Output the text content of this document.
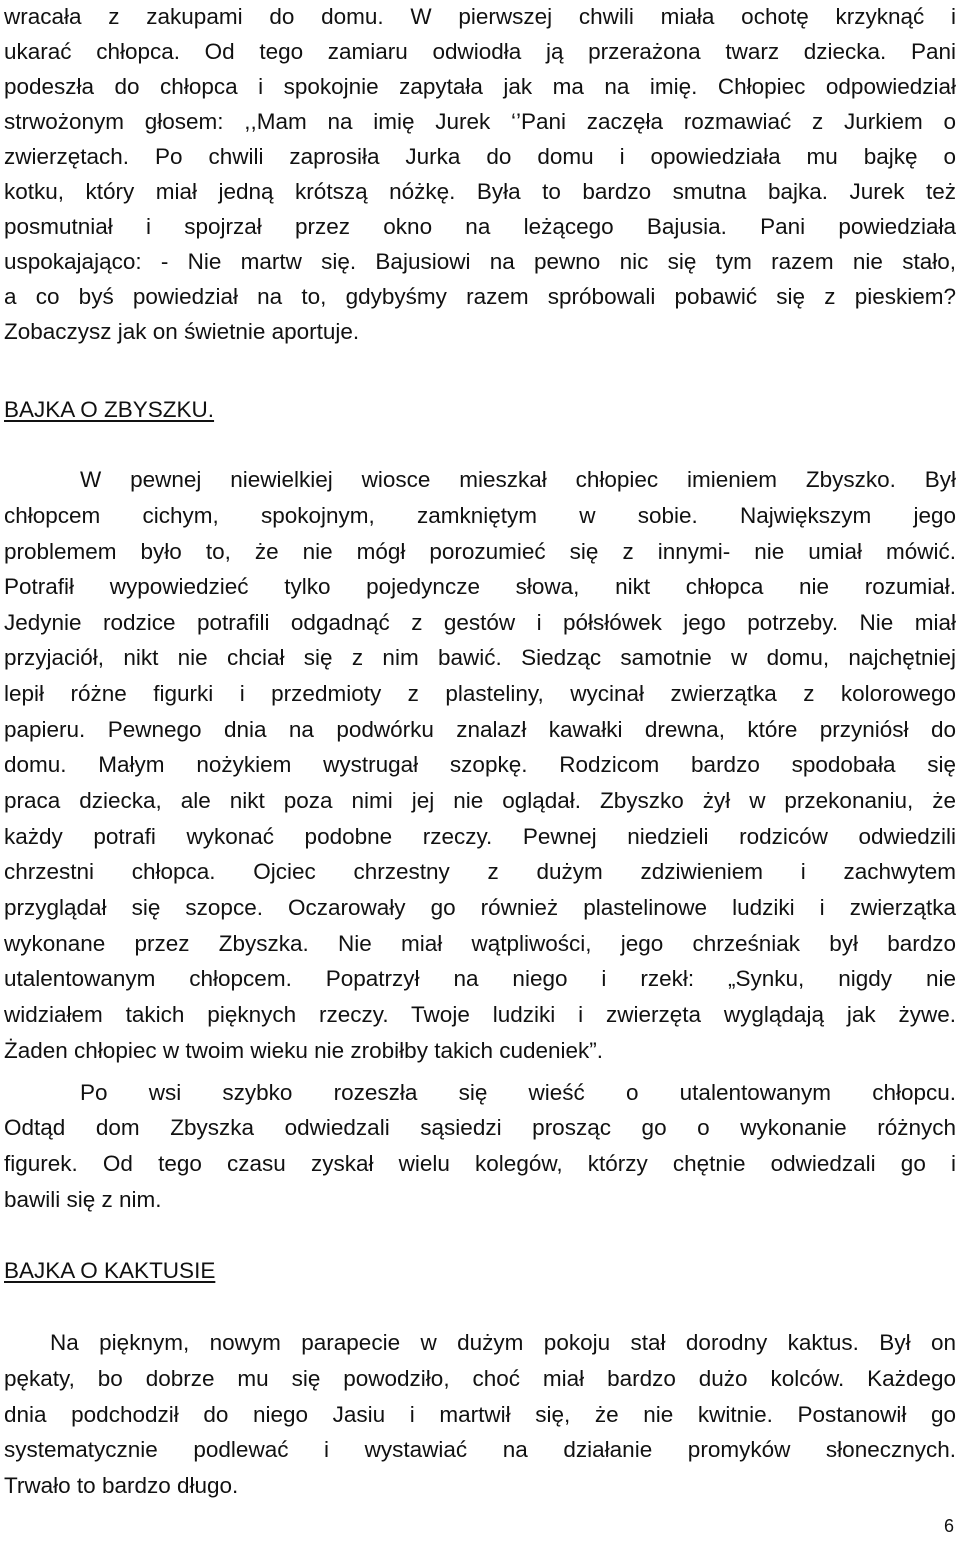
wracała z zakupami do domu. W pierwszej chwili miała ochotę krzyknąć i
ukarać chłopca. Od tego zamiaru odwiodła ją przerażona twarz dziecka. Pani
podeszła do chłopca i spokojnie zapytała jak ma na imię. Chłopiec odpowiedział
strwożonym głosem: ,,Mam na imię Jurek ‘’Pani zaczęła rozmawiać z Jurkiem o
zwierzętach. Po chwili zaprosiła Jurka do domu i opowiedziała mu bajkę o
kotku, który miał jedną krótszą nóżkę. Była to bardzo smutna bajka. Jurek też
posmutniał i spojrzał przez okno na leżącego Bajusia. Pani powiedziała
uspokajająco: - Nie martw się. Bajusiowi na pewno nic się tym razem nie stało,
a co byś powiedział na to, gdybyśmy razem spróbowali pobawić się z pieskiem?
Zobaczysz jak on świetnie aportuje.
BAJKA O ZBYSZKU.
W pewnej niewielkiej wiosce mieszkał chłopiec imieniem Zbyszko. Był
chłopcem cichym, spokojnym, zamkniętym w sobie. Największym jego
problemem było to, że nie mógł porozumieć się z innymi- nie umiał mówić.
Potrafił wypowiedzieć tylko pojedyncze słowa, nikt chłopca nie rozumiał.
Jedynie rodzice potrafili odgadnąć z gestów i półsłówek jego potrzeby. Nie miał
przyjaciół, nikt nie chciał się z nim bawić. Siedząc samotnie w domu, najchętniej
lepił różne figurki i przedmioty z plasteliny, wycinał zwierzątka z kolorowego
papieru. Pewnego dnia na podwórku znalazł kawałki drewna, które przyniósł do
domu. Małym nożykiem wystrugał szopkę. Rodzicom bardzo spodobała się
praca dziecka, ale nikt poza nimi jej nie oglądał. Zbyszko żył w przekonaniu, że
każdy potrafi wykonać podobne rzeczy. Pewnej niedzieli rodziców odwiedzili
chrzestni chłopca. Ojciec chrzestny z dużym zdziwieniem i zachwytem
przyglądał się szopce. Oczarowały go również plastelinowe ludziki i zwierzątka
wykonane przez Zbyszka. Nie miał wątpliwości, jego chrześniak był bardzo
utalentowanym chłopcem. Popatrzył na niego i rzekł: „Synku, nigdy nie
widziałem takich pięknych rzeczy. Twoje ludziki i zwierzęta wyglądają jak żywe.
Żaden chłopiec w twoim wieku nie zrobiłby takich cudeniek”.
Po wsi szybko rozeszła się wieść o utalentowanym chłopcu.
Odtąd dom Zbyszka odwiedzali sąsiedzi prosząc go o wykonanie różnych
figurek. Od tego czasu zyskał wielu kolegów, którzy chętnie odwiedzali go i
bawili się z nim.
BAJKA O KAKTUSIE
Na pięknym, nowym parapecie w dużym pokoju stał dorodny kaktus. Był on
pękaty, bo dobrze mu się powodziło, choć miał bardzo dużo kolców. Każdego
dnia podchodził do niego Jasiu i martwił się, że nie kwitnie. Postanowił go
systematycznie podlewać i wystawiać na działanie promyków słonecznych.
Trwało to bardzo długo.
6
